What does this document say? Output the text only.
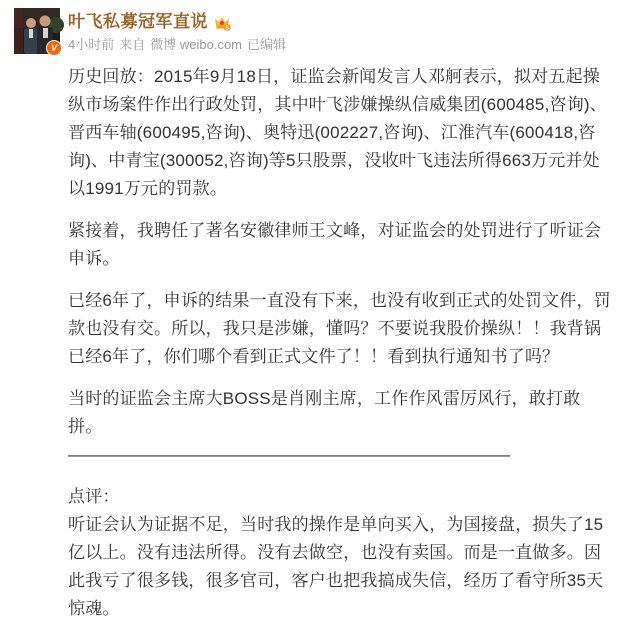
V
叶飞私募冠军直说	5
4小时前 来自 微博 weibo.com 已编辑

历史回放：2015年9月18日，证监会新闻发言人邓舸表示，拟对五起操纵市场案件作出行政处罚，其中叶飞涉嫌操纵信威集团(600485,咨询)、晋西车轴(600495,咨询)、奥特迅(002227,咨询)、江淮汽车(600418,咨询)、中青宝(300052,咨询)等5只股票，没收叶飞违法所得663万元并处以1991万元的罚款。

紧接着，我聘任了著名安徽律师王文峰，对证监会的处罚进行了听证会申诉。

已经6年了，申诉的结果一直没有下来，也没有收到正式的处罚文件，罚款也没有交。所以，我只是涉嫌，懂吗？不要说我股价操纵！！我背锅已经6年了，你们哪个看到正式文件了！！看到执行通知书了吗？

当时的证监会主席大BOSS是肖刚主席，工作作风雷厉风行，敢打敢拼。

——————————————————————————

点评：

听证会认为证据不足，当时我的操作是单向买入，为国接盘，损失了15亿以上。没有违法所得。没有去做空，也没有卖国。而是一直做多。因此我亏了很多钱，很多官司，客户也把我搞成失信，经历了看守所35天惊魂。
